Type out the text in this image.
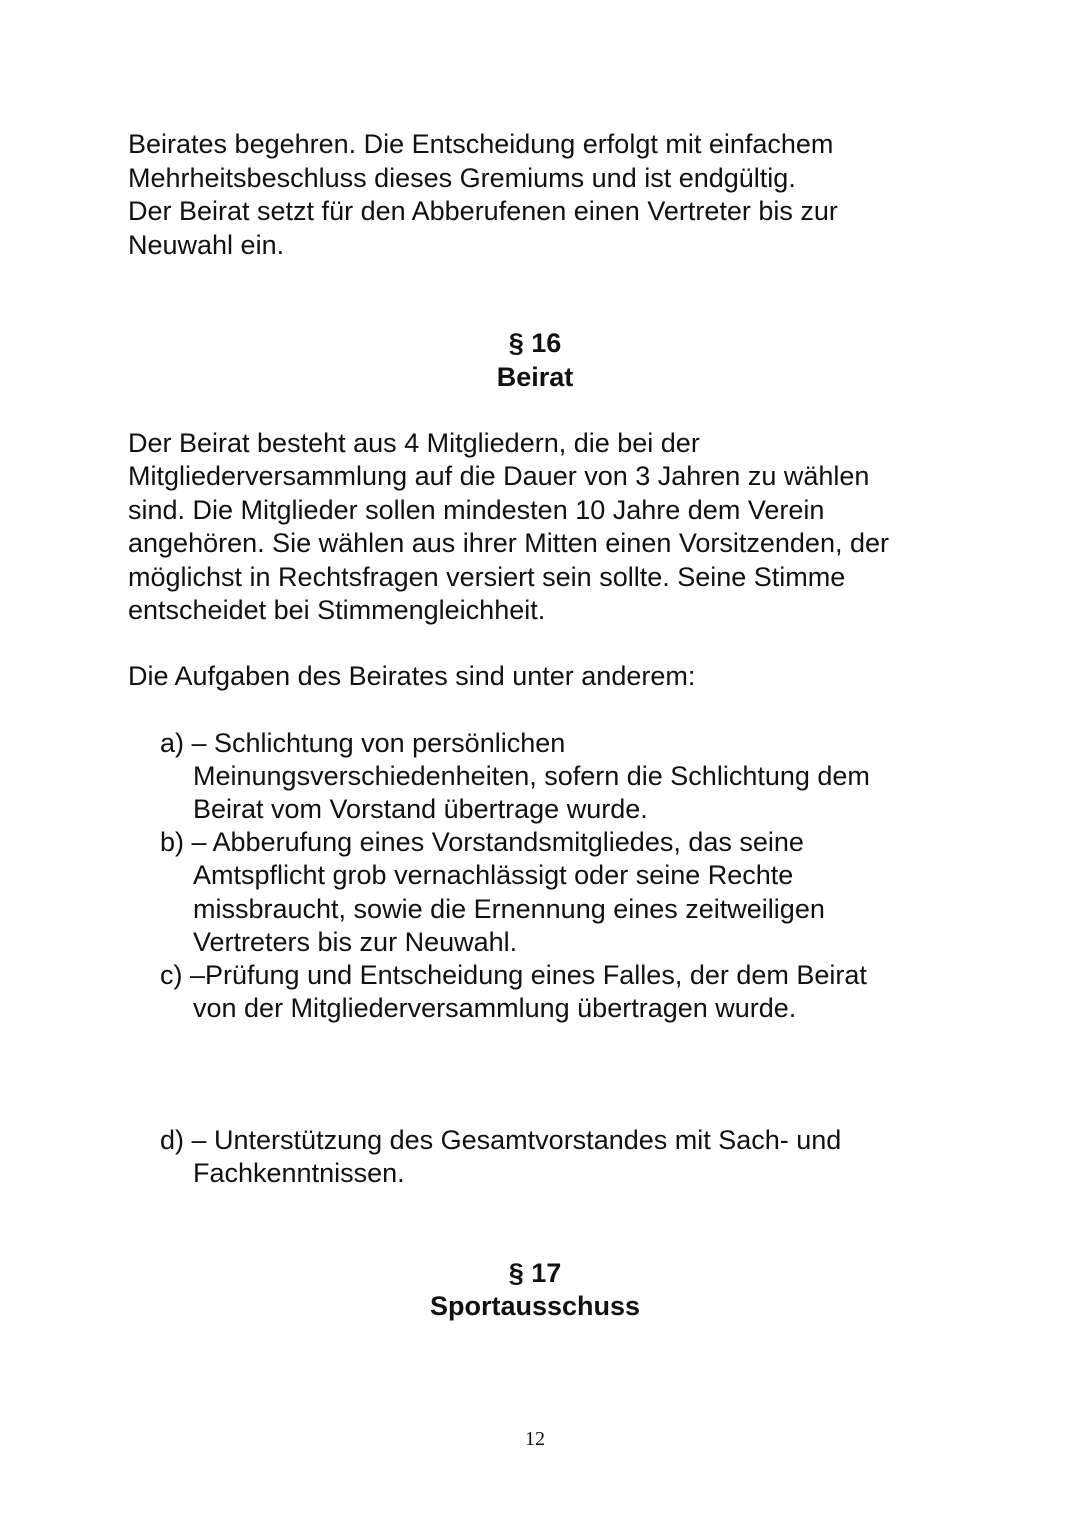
Beirates begehren. Die Entscheidung erfolgt mit einfachem
Mehrheitsbeschluss dieses Gremiums und ist endgültig.
Der Beirat setzt für den Abberufenen einen Vertreter bis zur
Neuwahl ein.
§ 16
Beirat
Der Beirat besteht aus 4 Mitgliedern, die bei der
Mitgliederversammlung auf die Dauer von 3 Jahren zu wählen
sind. Die Mitglieder sollen mindesten 10 Jahre dem Verein
angehören. Sie wählen aus ihrer Mitten einen Vorsitzenden, der
möglichst in Rechtsfragen versiert sein sollte. Seine Stimme
entscheidet bei Stimmengleichheit.
Die Aufgaben des Beirates sind unter anderem:
a) – Schlichtung von persönlichen
Meinungsverschiedenheiten, sofern die Schlichtung dem
Beirat vom Vorstand übertrage wurde.
b) – Abberufung eines Vorstandsmitgliedes, das seine
Amtspflicht grob vernachlässigt oder seine Rechte
missbraucht, sowie die Ernennung eines zeitweiligen
Vertreters bis zur Neuwahl.
c) –Prüfung und Entscheidung eines Falles, der dem Beirat
von der Mitgliederversammlung übertragen wurde.
d) – Unterstützung des Gesamtvorstandes mit Sach- und
Fachkenntnissen.
§ 17
Sportausschuss
12
